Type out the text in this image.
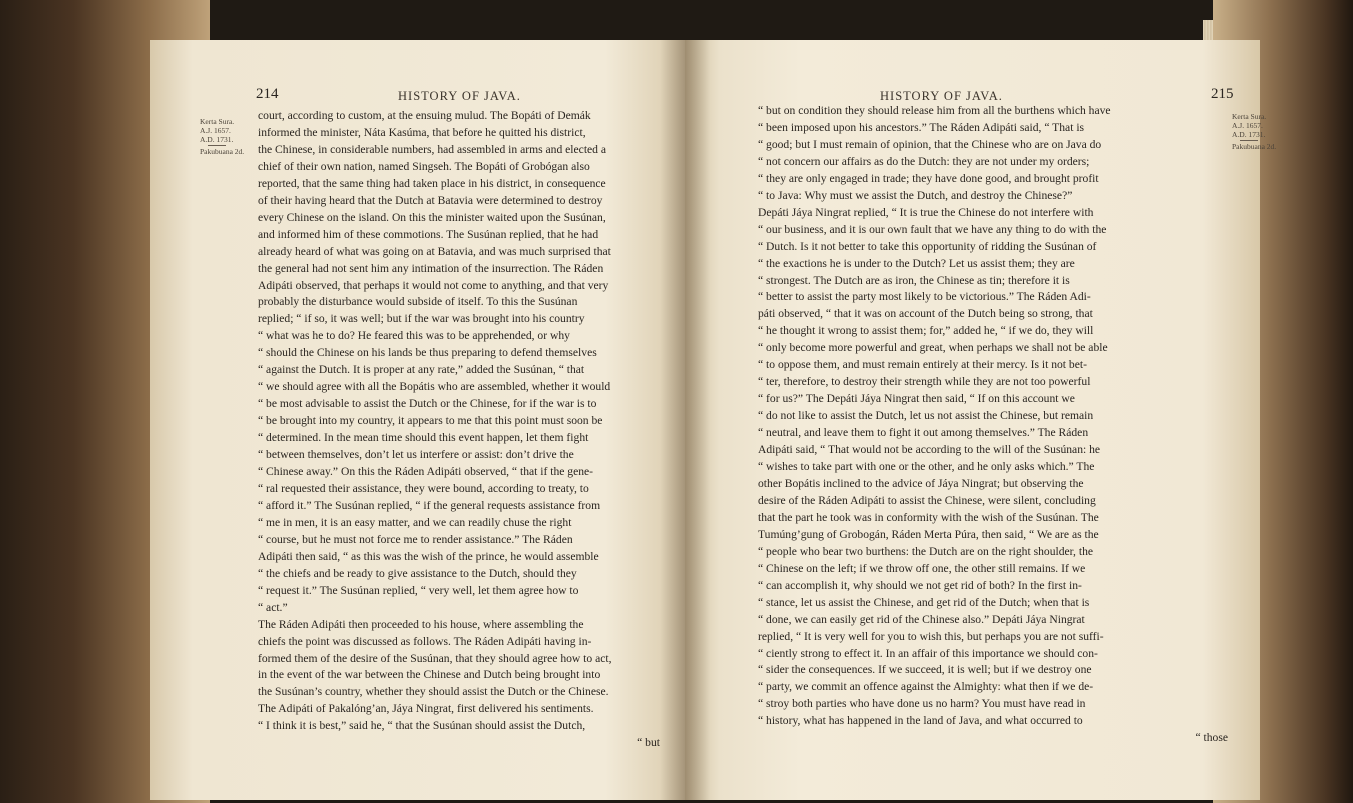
214	HISTORY OF JAVA.
Kerta Sura.
A.J. 1657.
A.D. 1731.
Pakubuana 2d.
court, according to custom, at the ensuing mulud. The Bopáti of Demák
informed the minister, Náta Kasúma, that before he quitted his district,
the Chinese, in considerable numbers, had assembled in arms and elected a
chief of their own nation, named Singseh. The Bopáti of Grobógan also
reported, that the same thing had taken place in his district, in consequence
of their having heard that the Dutch at Batavia were determined to destroy
every Chinese on the island. On this the minister waited upon the Susúnan,
and informed him of these commotions. The Susúnan replied, that he had
already heard of what was going on at Batavia, and was much surprised that
the general had not sent him any intimation of the insurrection. The Ráden
Adipáti observed, that perhaps it would not come to anything, and that very
probably the disturbance would subside of itself. To this the Susúnan
replied; “ if so, it was well; but if the war was brought into his country
“ what was he to do? He feared this was to be apprehended, or why
“ should the Chinese on his lands be thus preparing to defend themselves
“ against the Dutch. It is proper at any rate,” added the Susúnan, “ that
“ we should agree with all the Bopátis who are assembled, whether it would
“ be most advisable to assist the Dutch or the Chinese, for if the war is to
“ be brought into my country, it appears to me that this point must soon be
“ determined. In the mean time should this event happen, let them fight
“ between themselves, don’t let us interfere or assist: don’t drive the
“ Chinese away.” On this the Ráden Adipáti observed, “ that if the gene-
“ ral requested their assistance, they were bound, according to treaty, to
“ afford it.” The Susúnan replied, “ if the general requests assistance from
“ me in men, it is an easy matter, and we can readily chuse the right
“ course, but he must not force me to render assistance.” The Ráden
Adipáti then said, “ as this was the wish of the prince, he would assemble
“ the chiefs and be ready to give assistance to the Dutch, should they
“ request it.” The Susúnan replied, “ very well, let them agree how to
“ act.”
The Ráden Adipáti then proceeded to his house, where assembling the
chiefs the point was discussed as follows. The Ráden Adipáti having in-
formed them of the desire of the Susúnan, that they should agree how to act,
in the event of the war between the Chinese and Dutch being brought into
the Susúnan’s country, whether they should assist the Dutch or the Chinese.
The Adipáti of Pakalóng’an, Jáya Ningrat, first delivered his sentiments.
“ I think it is best,” said he, “ that the Susúnan should assist the Dutch,
“ but
HISTORY OF JAVA.	215
Kerta Sura.
A.J. 1657.
A.D. 1731.
Pakubuana 2d.
“ but on condition they should release him from all the burthens which have
“ been imposed upon his ancestors.” The Ráden Adipáti said, “ That is
“ good; but I must remain of opinion, that the Chinese who are on Java do
“ not concern our affairs as do the Dutch: they are not under my orders;
“ they are only engaged in trade; they have done good, and brought profit
“ to Java: Why must we assist the Dutch, and destroy the Chinese?”
Depáti Jáya Ningrat replied, “ It is true the Chinese do not interfere with
“ our business, and it is our own fault that we have any thing to do with the
“ Dutch. Is it not better to take this opportunity of ridding the Susúnan of
“ the exactions he is under to the Dutch? Let us assist them; they are
“ strongest. The Dutch are as iron, the Chinese as tin; therefore it is
“ better to assist the party most likely to be victorious.” The Ráden Adi-
páti observed, “ that it was on account of the Dutch being so strong, that
“ he thought it wrong to assist them; for,” added he, “ if we do, they will
“ only become more powerful and great, when perhaps we shall not be able
“ to oppose them, and must remain entirely at their mercy. Is it not bet-
“ ter, therefore, to destroy their strength while they are not too powerful
“ for us?” The Depáti Jáya Ningrat then said, “ If on this account we
“ do not like to assist the Dutch, let us not assist the Chinese, but remain
“ neutral, and leave them to fight it out among themselves.” The Ráden
Adipáti said, “ That would not be according to the will of the Susúnan: he
“ wishes to take part with one or the other, and he only asks which.” The
other Bopátis inclined to the advice of Jáya Ningrat; but observing the
desire of the Ráden Adipáti to assist the Chinese, were silent, concluding
that the part he took was in conformity with the wish of the Susúnan. The
Tumúng’gung of Grobogán, Ráden Merta Púra, then said, “ We are as the
“ people who bear two burthens: the Dutch are on the right shoulder, the
“ Chinese on the left; if we throw off one, the other still remains. If we
“ can accomplish it, why should we not get rid of both? In the first in-
“ stance, let us assist the Chinese, and get rid of the Dutch; when that is
“ done, we can easily get rid of the Chinese also.” Depáti Jáya Ningrat
replied, “ It is very well for you to wish this, but perhaps you are not suffi-
“ ciently strong to effect it. In an affair of this importance we should con-
“ sider the consequences. If we succeed, it is well; but if we destroy one
“ party, we commit an offence against the Almighty: what then if we de-
“ stroy both parties who have done us no harm? You must have read in
“ history, what has happened in the land of Java, and what occurred to
“ those
